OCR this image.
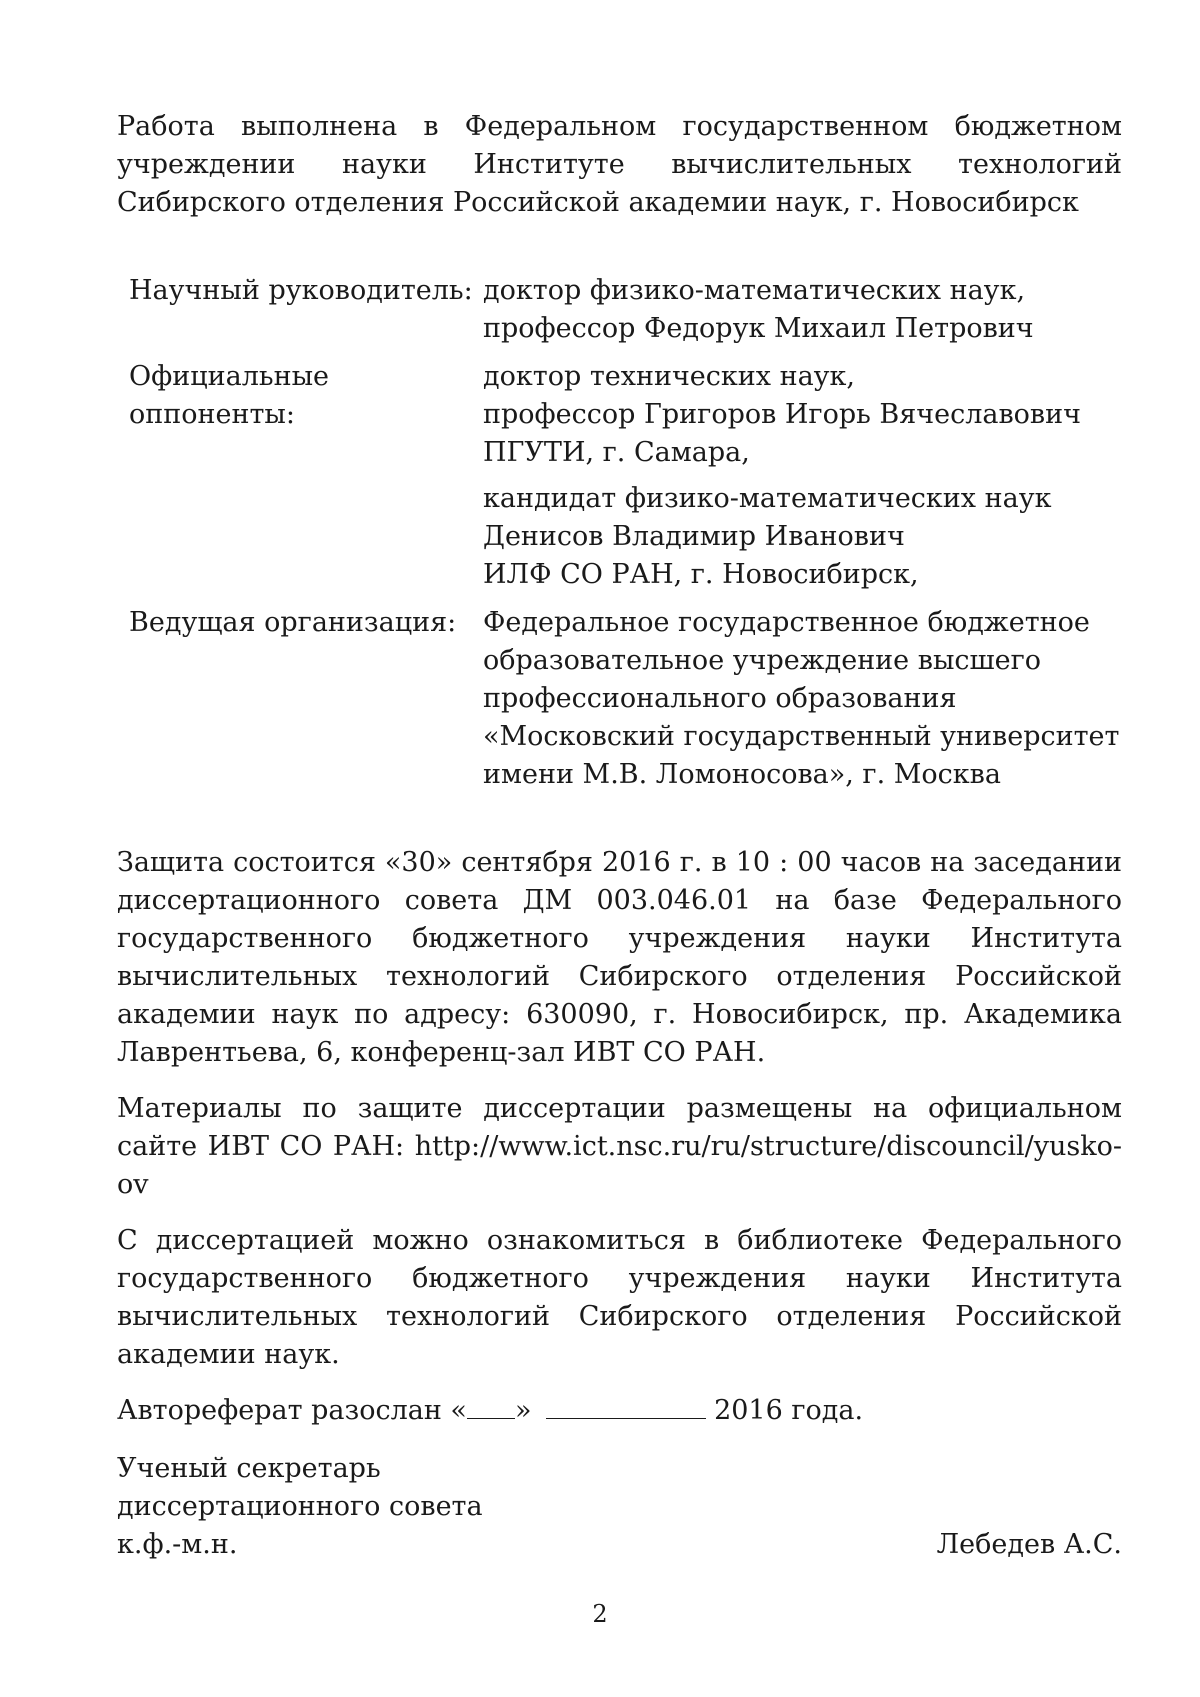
Работа выполнена в Федеральном государственном бюджетном учреждении науки Институте вычислительных технологий Сибирского отделения Российской академии наук, г. Новосибирск

Научный руководитель: доктор физико-математических наук,
профессор Федорук Михаил Петрович
Официальные оппоненты:
доктор технических наук,
профессор Григоров Игорь Вячеславович
ПГУТИ, г. Самара,
кандидат физико-математических наук
Денисов Владимир Иванович
ИЛФ СО РАН, г. Новосибирск,
Ведущая организация: Федеральное государственное бюджетное
образовательное учреждение высшего
профессионального образования
«Московский государственный университет
имени М.В. Ломоносова», г. Москва

Защита состоится «30» сентября 2016 г. в 10 : 00 часов на заседании диссертационного совета ДМ 003.046.01 на базе Федерального государственного бюджетного учреждения науки Института вычислительных технологий Сибирского отделения Российской академии наук по адресу: 630090, г. Новосибирск, пр. Академика Лаврентьева, 6, конференц-зал ИВТ СО РАН.

Материалы по защите диссертации размещены на официальном сайте ИВТ СО РАН: http://www.ict.nsc.ru/ru/structure/discouncil/yusko-ov

С диссертацией можно ознакомиться в библиотеке Федерального государственного бюджетного учреждения науки Института вычислительных технологий Сибирского отделения Российской академии наук.

Автореферат разослан « »	2016 года.
Ученый секретарь
диссертационного совета
к.ф.-м.н.	Лебедев А.С.
2
